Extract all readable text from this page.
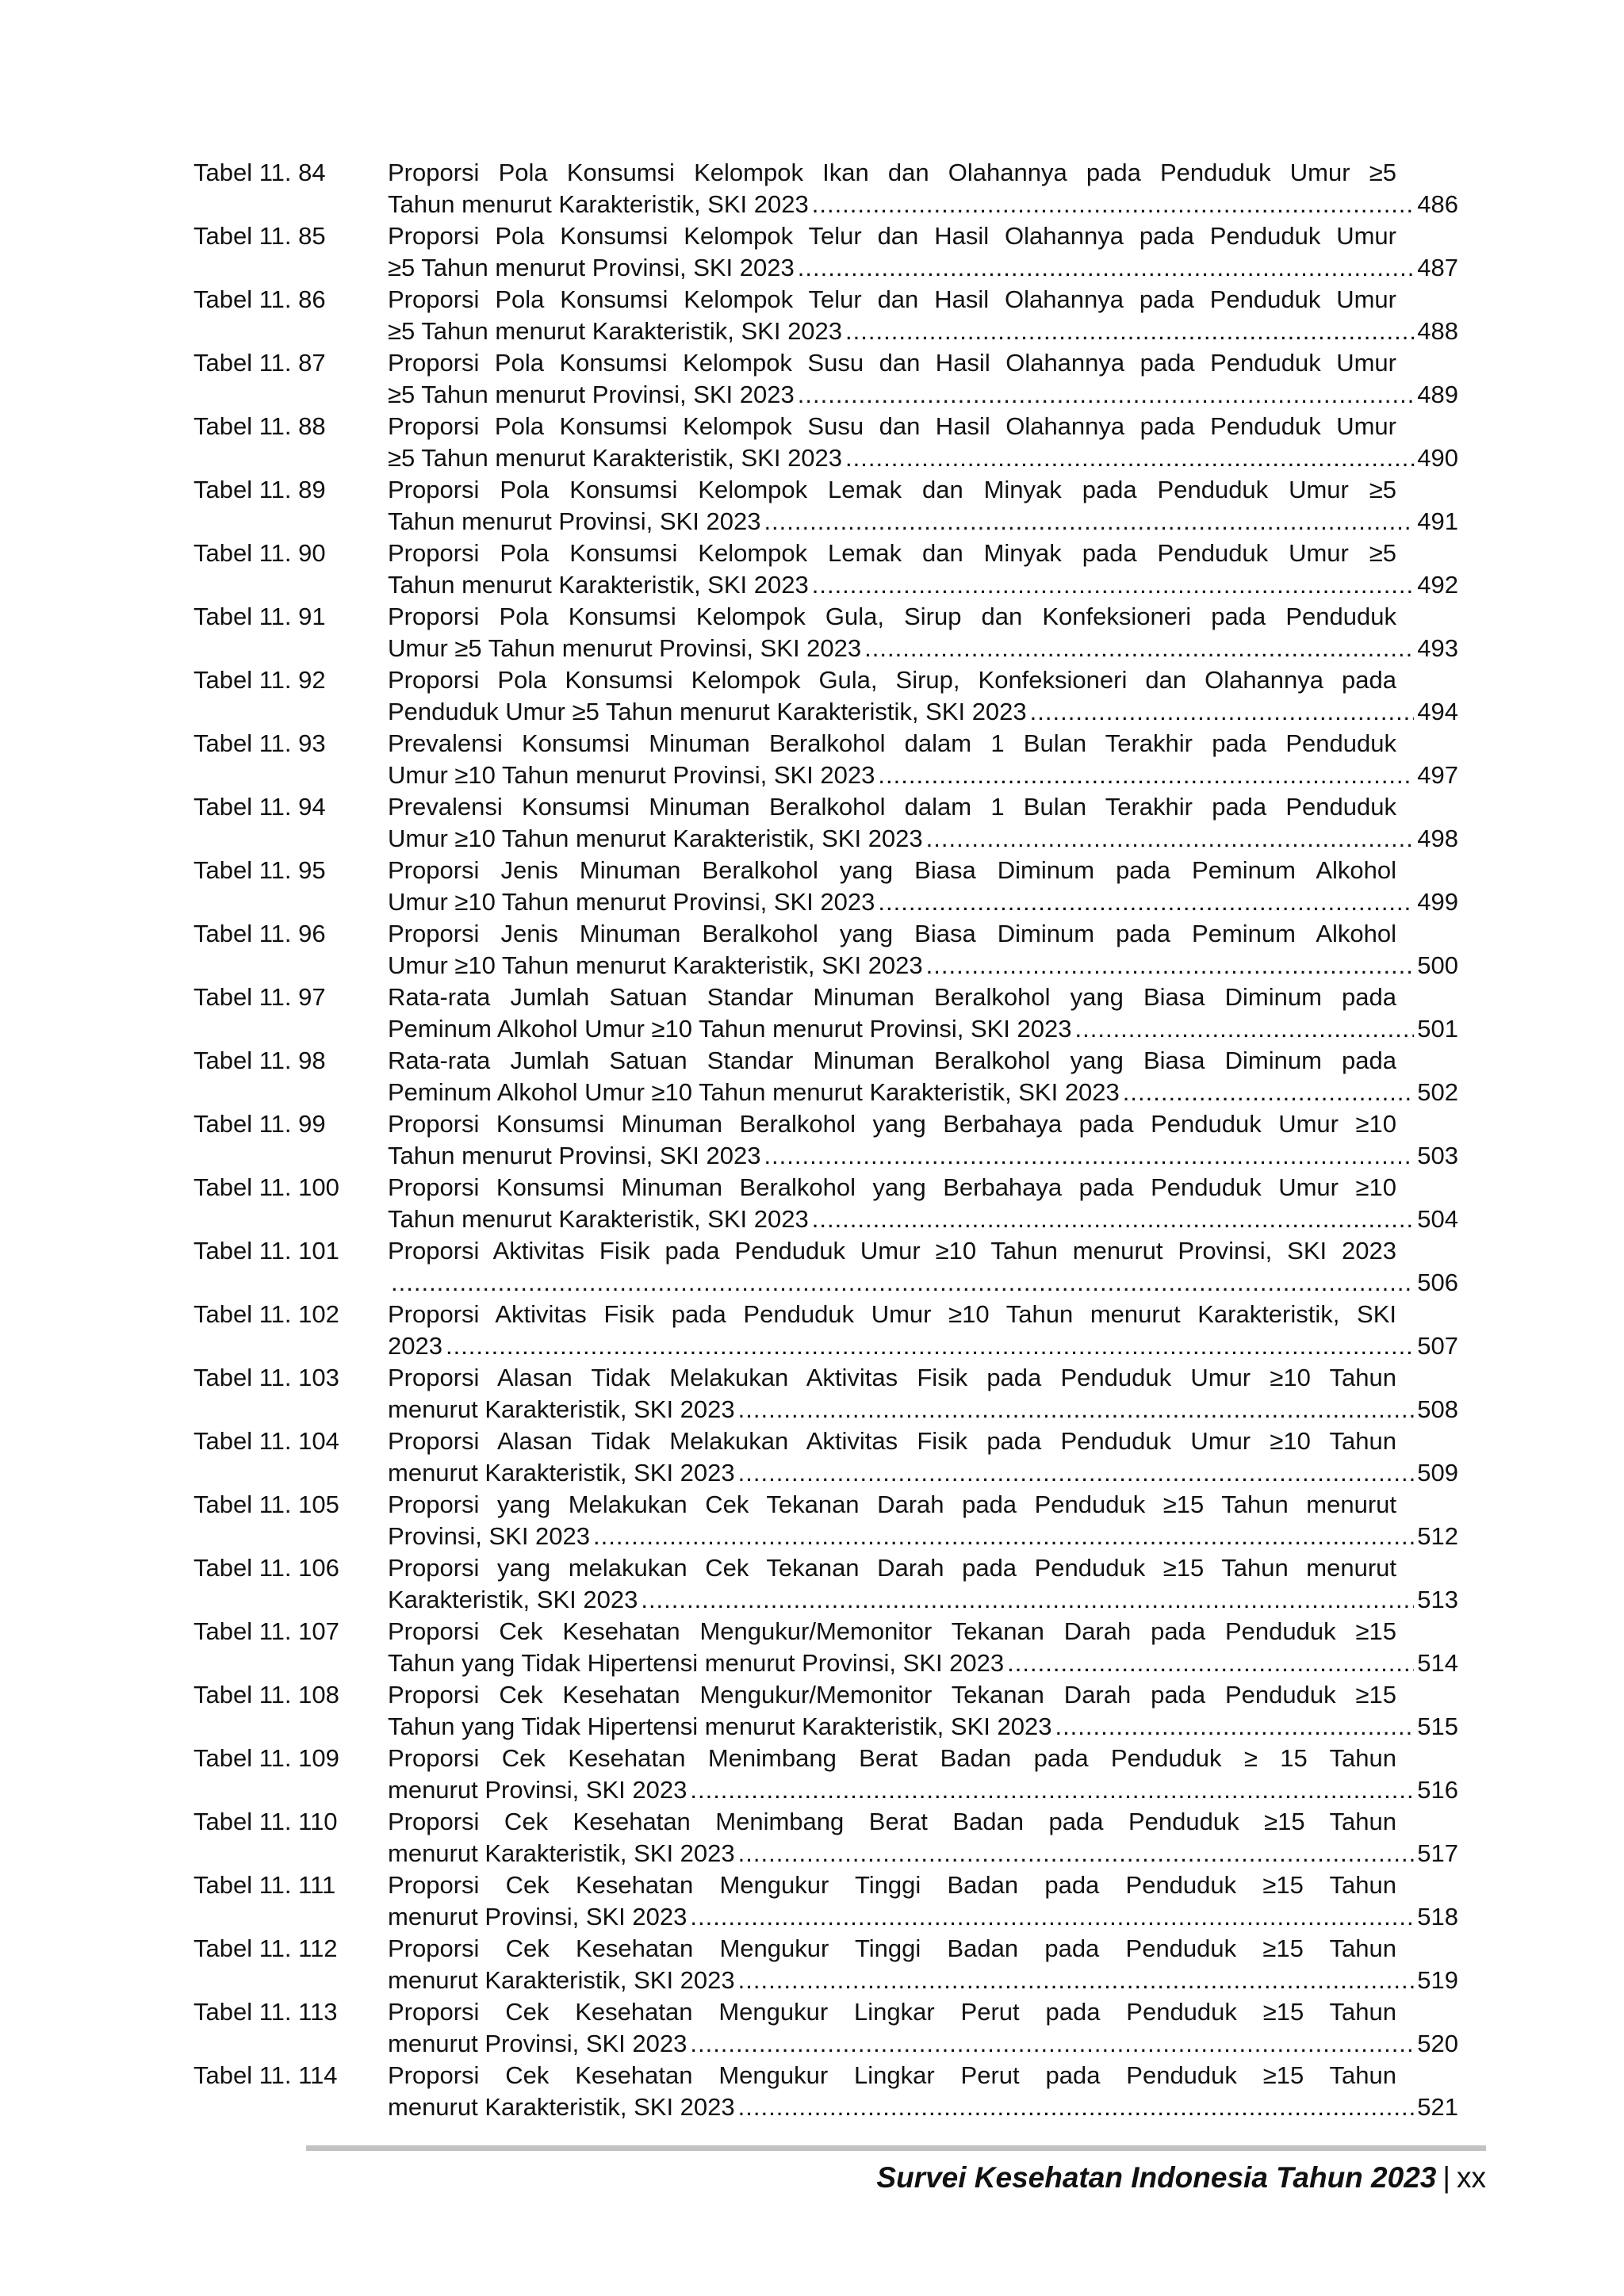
Tabel 11. 84	Proporsi Pola Konsumsi Kelompok Ikan dan Olahannya pada Penduduk Umur ≥5
Tahun menurut Karakteristik, SKI 2023 .....	486
Tabel 11. 85	Proporsi Pola Konsumsi Kelompok Telur dan Hasil Olahannya pada Penduduk Umur
≥5 Tahun menurut Provinsi, SKI 2023 .....	487
Tabel 11. 86	Proporsi Pola Konsumsi Kelompok Telur dan Hasil Olahannya pada Penduduk Umur
≥5 Tahun menurut Karakteristik, SKI 2023 .....	488
Tabel 11. 87	Proporsi Pola Konsumsi Kelompok Susu dan Hasil Olahannya pada Penduduk Umur
≥5 Tahun menurut Provinsi, SKI 2023 .....	489
Tabel 11. 88	Proporsi Pola Konsumsi Kelompok Susu dan Hasil Olahannya pada Penduduk Umur
≥5 Tahun menurut Karakteristik, SKI 2023 .....	490
Tabel 11. 89	Proporsi Pola Konsumsi Kelompok Lemak dan Minyak pada Penduduk Umur ≥5
Tahun menurut Provinsi, SKI 2023 .....	491
Tabel 11. 90	Proporsi Pola Konsumsi Kelompok Lemak dan Minyak pada Penduduk Umur ≥5
Tahun menurut Karakteristik, SKI 2023 .....	492
Tabel 11. 91	Proporsi Pola Konsumsi Kelompok Gula, Sirup dan Konfeksioneri pada Penduduk
Umur ≥5 Tahun menurut Provinsi, SKI 2023 .....	493
Tabel 11. 92	Proporsi Pola Konsumsi Kelompok Gula, Sirup, Konfeksioneri dan Olahannya pada
Penduduk Umur ≥5 Tahun menurut Karakteristik, SKI 2023 .....	494
Tabel 11. 93	Prevalensi Konsumsi Minuman Beralkohol dalam 1 Bulan Terakhir pada Penduduk
Umur ≥10 Tahun menurut Provinsi, SKI 2023 .....	497
Tabel 11. 94	Prevalensi Konsumsi Minuman Beralkohol dalam 1 Bulan Terakhir pada Penduduk
Umur ≥10 Tahun menurut Karakteristik, SKI 2023 .....	498
Tabel 11. 95	Proporsi Jenis Minuman Beralkohol yang Biasa Diminum pada Peminum Alkohol
Umur ≥10 Tahun menurut Provinsi, SKI 2023 .....	499
Tabel 11. 96	Proporsi Jenis Minuman Beralkohol yang Biasa Diminum pada Peminum Alkohol
Umur ≥10 Tahun menurut Karakteristik, SKI 2023 .....	500
Tabel 11. 97	Rata-rata Jumlah Satuan Standar Minuman Beralkohol yang Biasa Diminum pada
Peminum Alkohol Umur ≥10 Tahun menurut Provinsi, SKI 2023 .....	501
Tabel 11. 98	Rata-rata Jumlah Satuan Standar Minuman Beralkohol yang Biasa Diminum pada
Peminum Alkohol Umur ≥10 Tahun menurut Karakteristik, SKI 2023 .....	502
Tabel 11. 99	Proporsi Konsumsi Minuman Beralkohol yang Berbahaya pada Penduduk Umur ≥10
Tahun menurut Provinsi, SKI 2023 .....	503
Tabel 11. 100 Proporsi Konsumsi Minuman Beralkohol yang Berbahaya pada Penduduk Umur ≥10
Tahun menurut Karakteristik, SKI 2023 .....	504
Tabel 11. 101 Proporsi Aktivitas Fisik pada Penduduk Umur ≥10 Tahun menurut Provinsi, SKI 2023
.....
506
Tabel 11. 102 Proporsi Aktivitas Fisik pada Penduduk Umur ≥10 Tahun menurut Karakteristik, SKI
2023 .....	507
Tabel 11. 103 Proporsi Alasan Tidak Melakukan Aktivitas Fisik pada Penduduk Umur ≥10 Tahun
menurut Karakteristik, SKI 2023 .....	508
Tabel 11. 104 Proporsi Alasan Tidak Melakukan Aktivitas Fisik pada Penduduk Umur ≥10 Tahun
menurut Karakteristik, SKI 2023 .....	509
Tabel 11. 105 Proporsi yang Melakukan Cek Tekanan Darah pada Penduduk ≥15 Tahun menurut
Provinsi, SKI 2023 .....	512
Tabel 11. 106 Proporsi yang melakukan Cek Tekanan Darah pada Penduduk ≥15 Tahun menurut
Karakteristik, SKI 2023 .....	513
Tabel 11. 107 Proporsi Cek Kesehatan Mengukur/Memonitor Tekanan Darah pada Penduduk ≥15
Tahun yang Tidak Hipertensi menurut Provinsi, SKI 2023 .....	514
Tabel 11. 108 Proporsi Cek Kesehatan Mengukur/Memonitor Tekanan Darah pada Penduduk ≥15
Tahun yang Tidak Hipertensi menurut Karakteristik, SKI 2023 .....	515
Tabel 11. 109 Proporsi Cek Kesehatan Menimbang Berat Badan pada Penduduk ≥ 15 Tahun
menurut Provinsi, SKI 2023 .....	516
Tabel 11. 110 Proporsi Cek Kesehatan Menimbang Berat Badan pada Penduduk ≥15 Tahun
menurut Karakteristik, SKI 2023 .....	517
Tabel 11. 111 Proporsi Cek Kesehatan Mengukur Tinggi Badan pada Penduduk ≥15 Tahun
menurut Provinsi, SKI 2023 .....	518
Tabel 11. 112 Proporsi Cek Kesehatan Mengukur Tinggi Badan pada Penduduk ≥15 Tahun
menurut Karakteristik, SKI 2023 .....	519
Tabel 11. 113 Proporsi Cek Kesehatan Mengukur Lingkar Perut pada Penduduk ≥15 Tahun
menurut Provinsi, SKI 2023 .....	520
Tabel 11. 114 Proporsi Cek Kesehatan Mengukur Lingkar Perut pada Penduduk ≥15 Tahun
menurut Karakteristik, SKI 2023 .....	521
Survei Kesehatan Indonesia Tahun 2023 | xx
